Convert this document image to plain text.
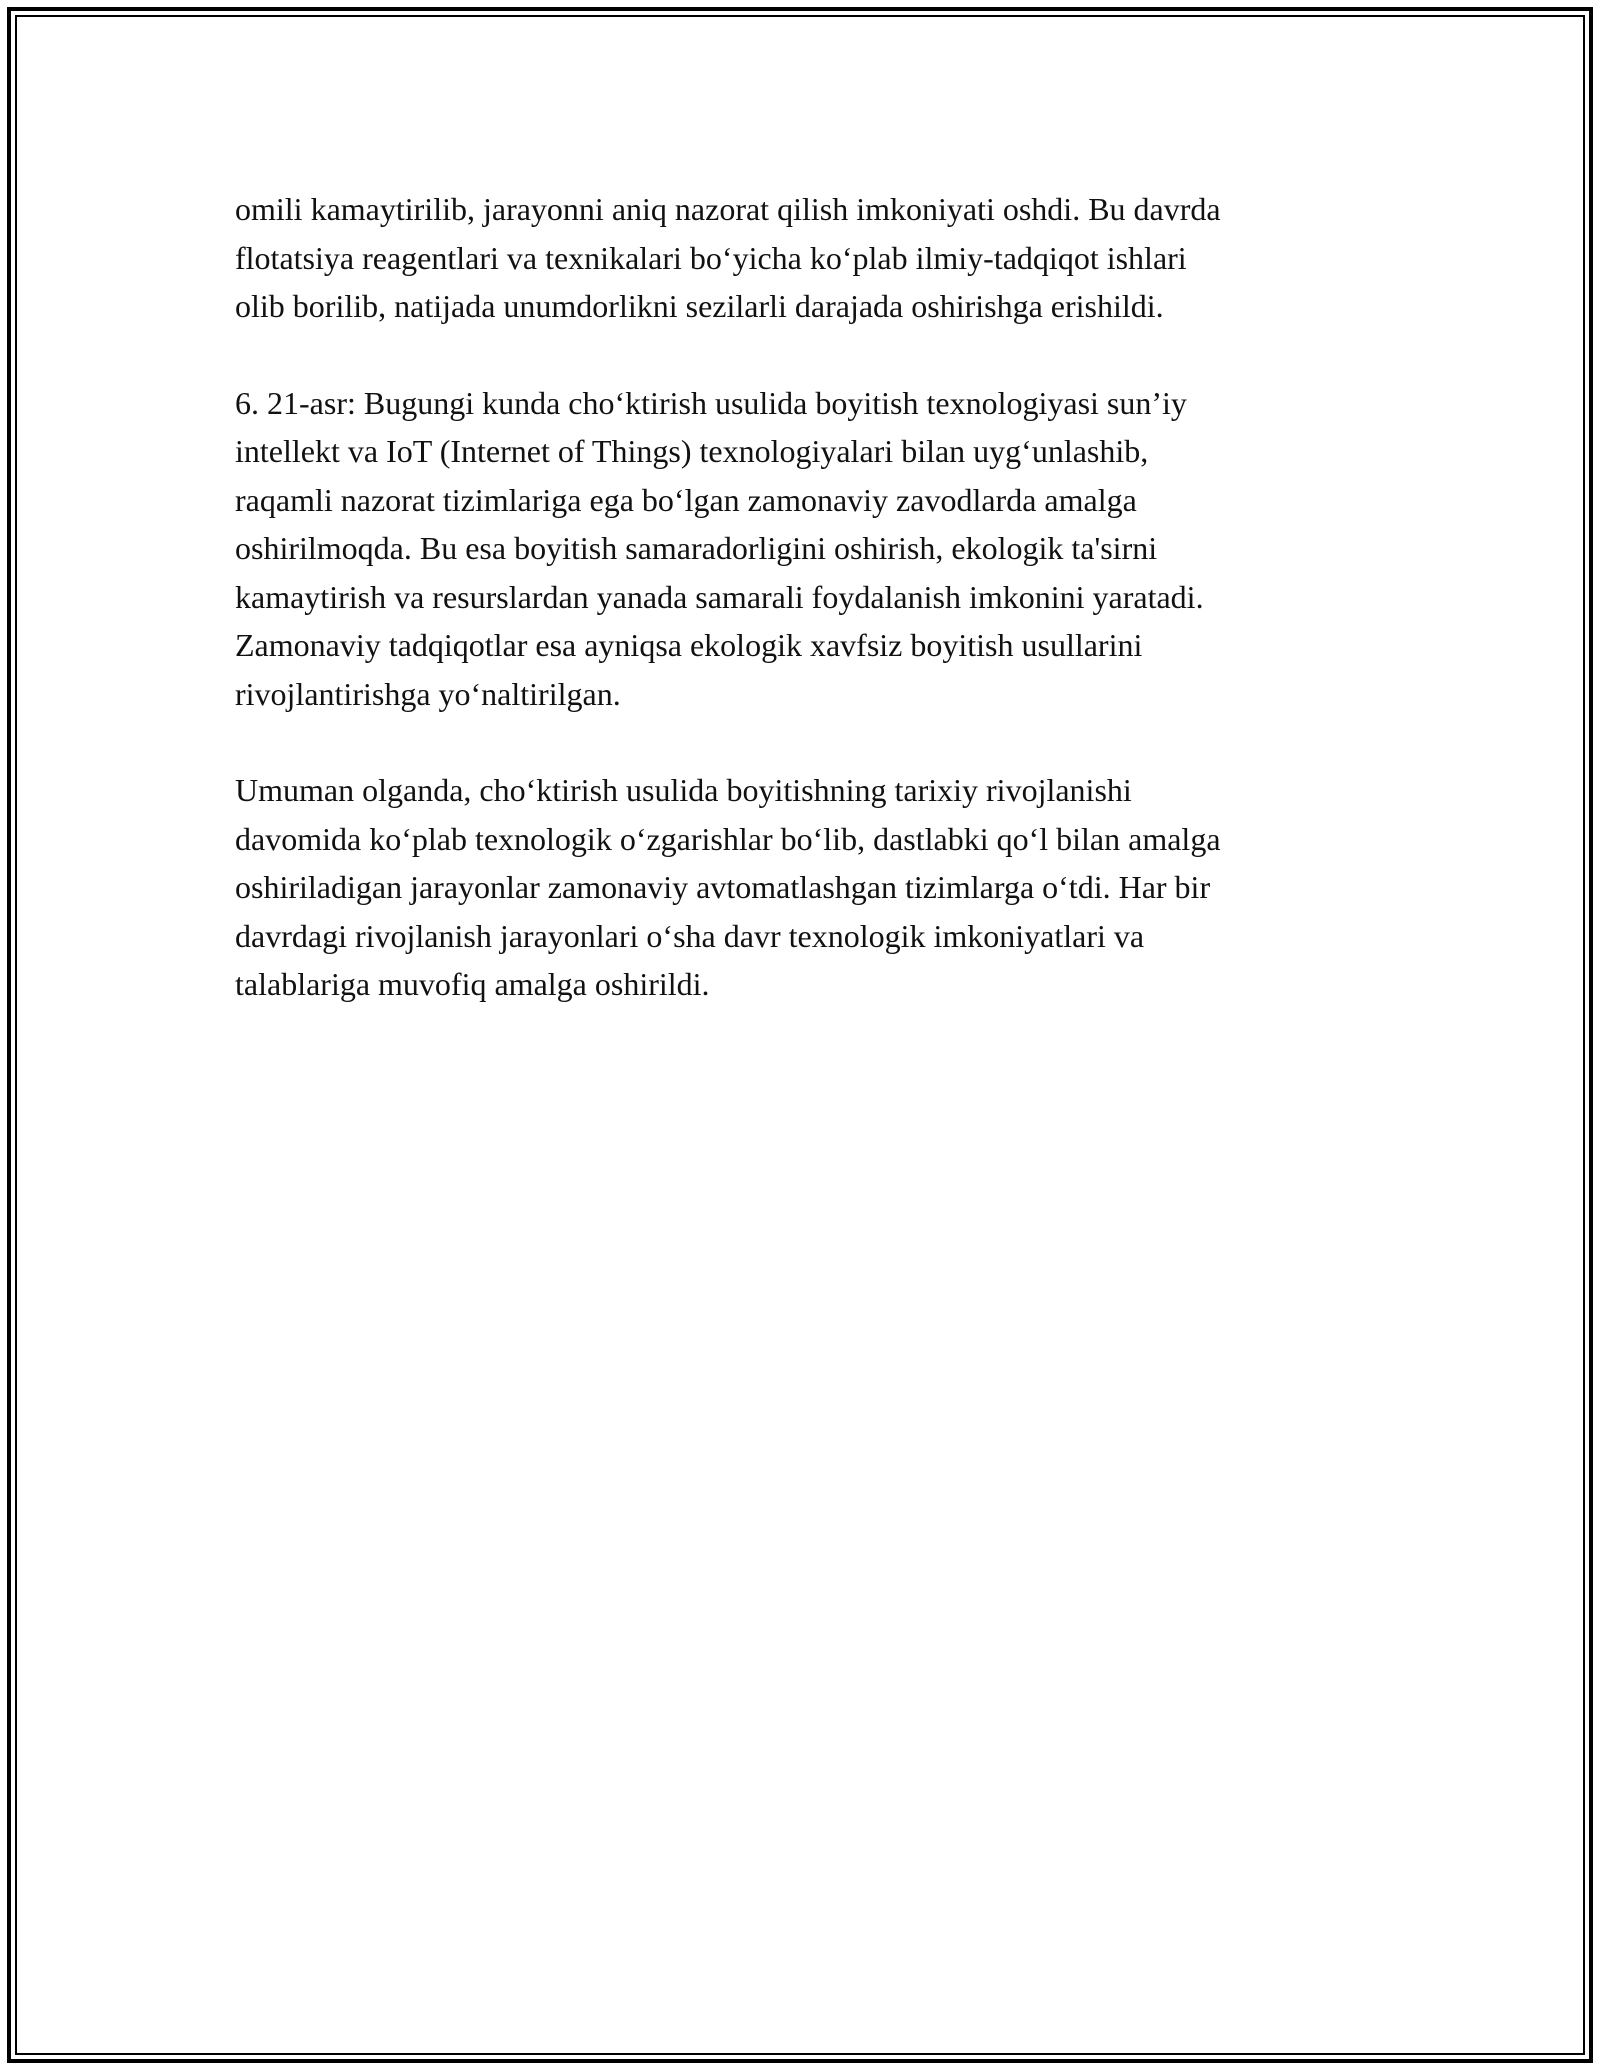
omili kamaytirilib, jarayonni aniq nazorat qilish imkoniyati oshdi. Bu davrda
flotatsiya reagentlari va texnikalari bo‘yicha ko‘plab ilmiy-tadqiqot ishlari
olib borilib, natijada unumdorlikni sezilarli darajada oshirishga erishildi.

6. 21-asr: Bugungi kunda cho‘ktirish usulida boyitish texnologiyasi sun’iy
intellekt va IoT (Internet of Things) texnologiyalari bilan uyg‘unlashib,
raqamli nazorat tizimlariga ega bo‘lgan zamonaviy zavodlarda amalga
oshirilmoqda. Bu esa boyitish samaradorligini oshirish, ekologik ta'sirni
kamaytirish va resurslardan yanada samarali foydalanish imkonini yaratadi.
Zamonaviy tadqiqotlar esa ayniqsa ekologik xavfsiz boyitish usullarini
rivojlantirishga yo‘naltirilgan.

Umuman olganda, cho‘ktirish usulida boyitishning tarixiy rivojlanishi
davomida ko‘plab texnologik o‘zgarishlar bo‘lib, dastlabki qo‘l bilan amalga
oshiriladigan jarayonlar zamonaviy avtomatlashgan tizimlarga o‘tdi. Har bir
davrdagi rivojlanish jarayonlari o‘sha davr texnologik imkoniyatlari va
talablariga muvofiq amalga oshirildi.
